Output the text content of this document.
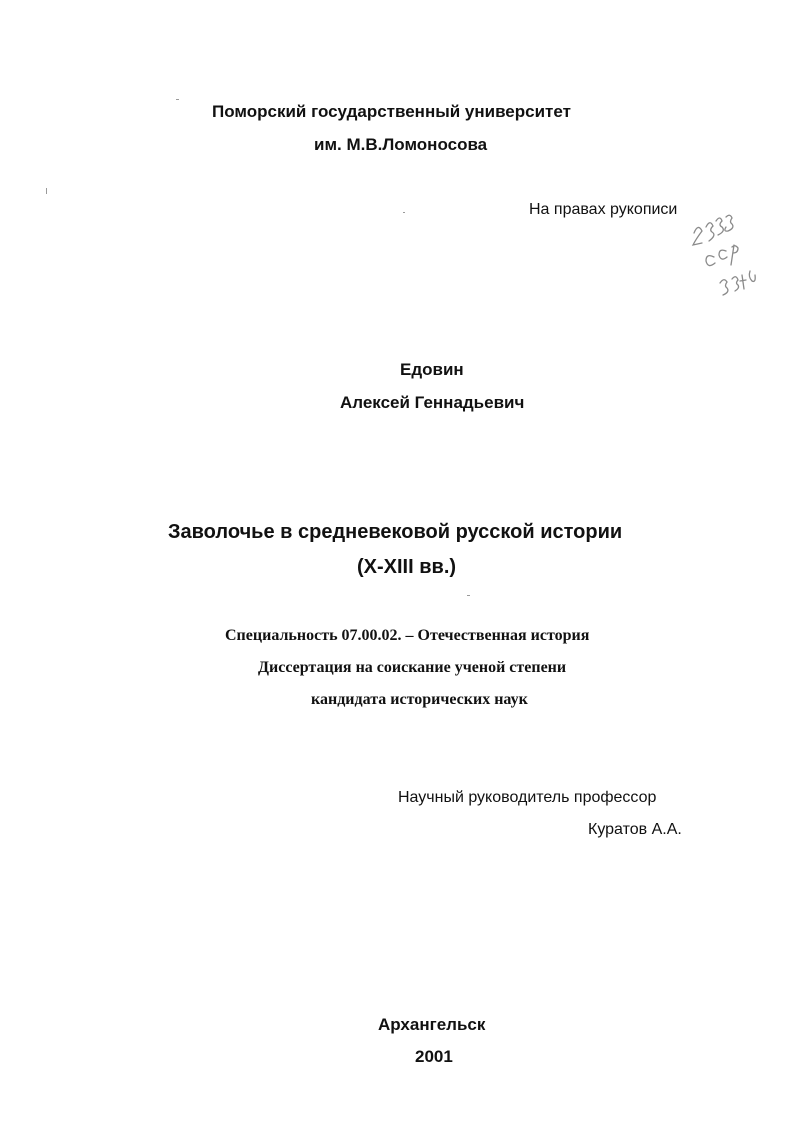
Поморский государственный университет

им. М.В.Ломоносова

На правах рукописи

Едовин

Алексей Геннадьевич

Заволочье в средневековой русской истории

(X-XIII вв.)

Специальность 07.00.02. – Отечественная история

Диссертация на соискание ученой степени

кандидата исторических наук

Научный руководитель профессор

Куратов А.А.

Архангельск

2001
